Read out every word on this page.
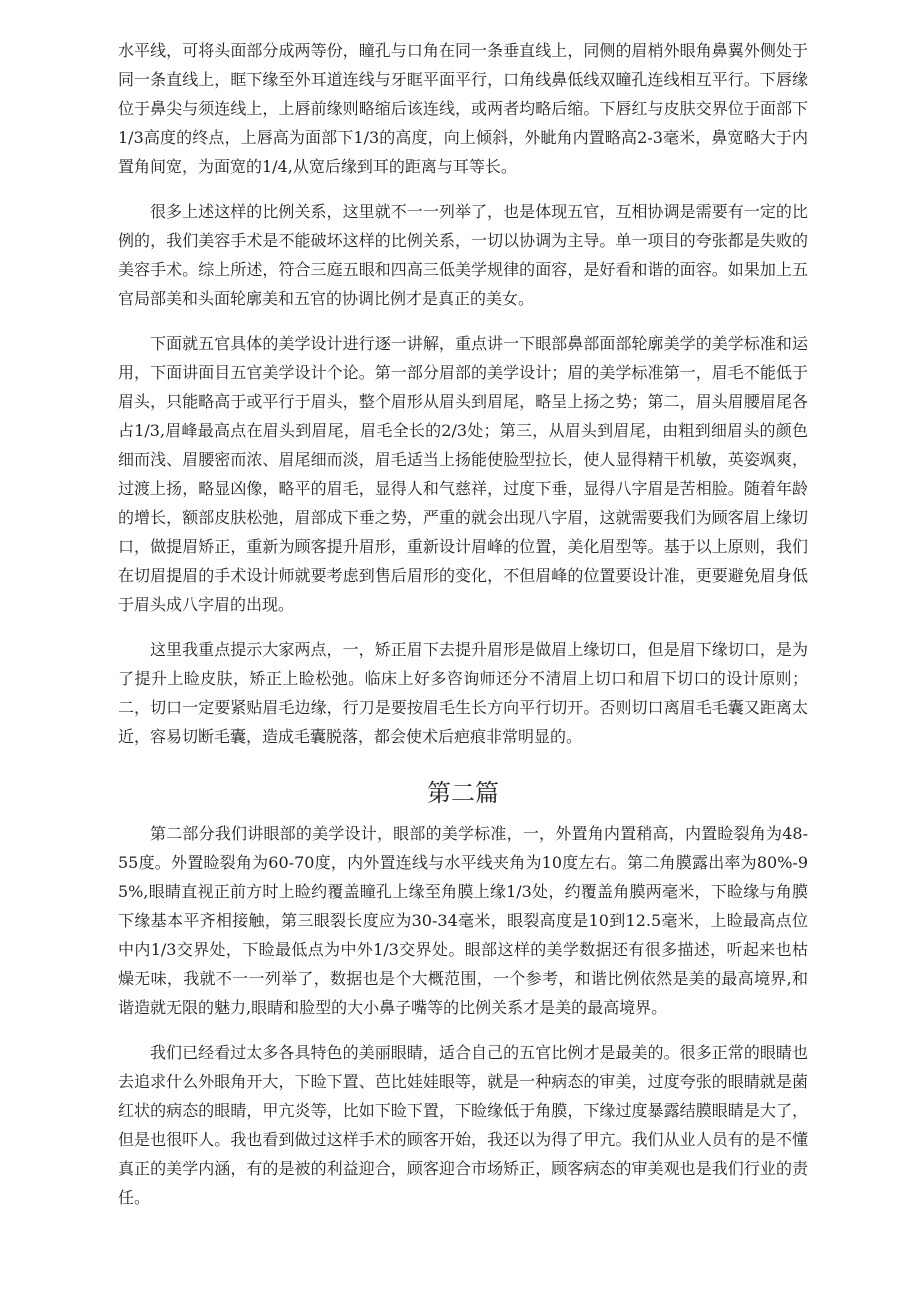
水平线，可将头面部分成两等份，瞳孔与口角在同一条垂直线上，同侧的眉梢外眼角鼻翼外侧处于同一条直线上，眶下缘至外耳道连线与牙眶平面平行，口角线鼻低线双瞳孔连线相互平行。下唇缘位于鼻尖与须连线上，上唇前缘则略缩后该连线，或两者均略后缩。下唇红与皮肤交界位于面部下1/3高度的终点，上唇高为面部下1/3的高度，向上倾斜，外眦角内置略高2-3毫米，鼻宽略大于内置角间宽，为面宽的1/4,从宽后缘到耳的距离与耳等长。

很多上述这样的比例关系，这里就不一一列举了，也是体现五官，互相协调是需要有一定的比例的，我们美容手术是不能破坏这样的比例关系，一切以协调为主导。单一项目的夸张都是失败的美容手术。综上所述，符合三庭五眼和四高三低美学规律的面容，是好看和谐的面容。如果加上五官局部美和头面轮廓美和五官的协调比例才是真正的美女。

下面就五官具体的美学设计进行逐一讲解，重点讲一下眼部鼻部面部轮廓美学的美学标准和运用，下面讲面目五官美学设计个论。第一部分眉部的美学设计；眉的美学标准第一，眉毛不能低于眉头，只能略高于或平行于眉头，整个眉形从眉头到眉尾，略呈上扬之势；第二，眉头眉腰眉尾各占1/3,眉峰最高点在眉头到眉尾，眉毛全长的2/3处；第三，从眉头到眉尾，由粗到细眉头的颜色细而浅、眉腰密而浓、眉尾细而淡，眉毛适当上扬能使脸型拉长，使人显得精干机敏，英姿飒爽，过渡上扬，略显凶像，略平的眉毛，显得人和气慈祥，过度下垂，显得八字眉是苦相脸。随着年龄的增长，额部皮肤松弛，眉部成下垂之势，严重的就会出现八字眉，这就需要我们为顾客眉上缘切口，做提眉矫正，重新为顾客提升眉形，重新设计眉峰的位置，美化眉型等。基于以上原则，我们在切眉提眉的手术设计师就要考虑到售后眉形的变化，不但眉峰的位置要设计准，更要避免眉身低于眉头成八字眉的出现。

这里我重点提示大家两点，一，矫正眉下去提升眉形是做眉上缘切口，但是眉下缘切口，是为了提升上睑皮肤，矫正上睑松弛。临床上好多咨询师还分不清眉上切口和眉下切口的设计原则；二，切口一定要紧贴眉毛边缘，行刀是要按眉毛生长方向平行切开。否则切口离眉毛毛囊又距离太近，容易切断毛囊，造成毛囊脱落，都会使术后疤痕非常明显的。

第二篇

第二部分我们讲眼部的美学设计，眼部的美学标准，一，外置角内置稍高，内置睑裂角为48-55度。外置睑裂角为60-70度，内外置连线与水平线夹角为10度左右。第二角膜露出率为80%-95%,眼睛直视正前方时上睑约覆盖瞳孔上缘至角膜上缘1/3处，约覆盖角膜两毫米，下睑缘与角膜下缘基本平齐相接触，第三眼裂长度应为30-34毫米，眼裂高度是10到12.5毫米，上睑最高点位中内1/3交界处，下睑最低点为中外1/3交界处。眼部这样的美学数据还有很多描述，听起来也枯燥无味，我就不一一列举了，数据也是个大概范围，一个参考，和谐比例依然是美的最高境界,和谐造就无限的魅力,眼睛和脸型的大小鼻子嘴等的比例关系才是美的最高境界。

我们已经看过太多各具特色的美丽眼睛，适合自己的五官比例才是最美的。很多正常的眼睛也去追求什么外眼角开大，下睑下置、芭比娃娃眼等，就是一种病态的审美，过度夸张的眼睛就是菌红状的病态的眼睛，甲亢炎等，比如下睑下置，下睑缘低于角膜，下缘过度暴露结膜眼睛是大了，但是也很吓人。我也看到做过这样手术的顾客开始，我还以为得了甲亢。我们从业人员有的是不懂真正的美学内涵，有的是被的利益迎合，顾客迎合市场矫正，顾客病态的审美观也是我们行业的责任。
